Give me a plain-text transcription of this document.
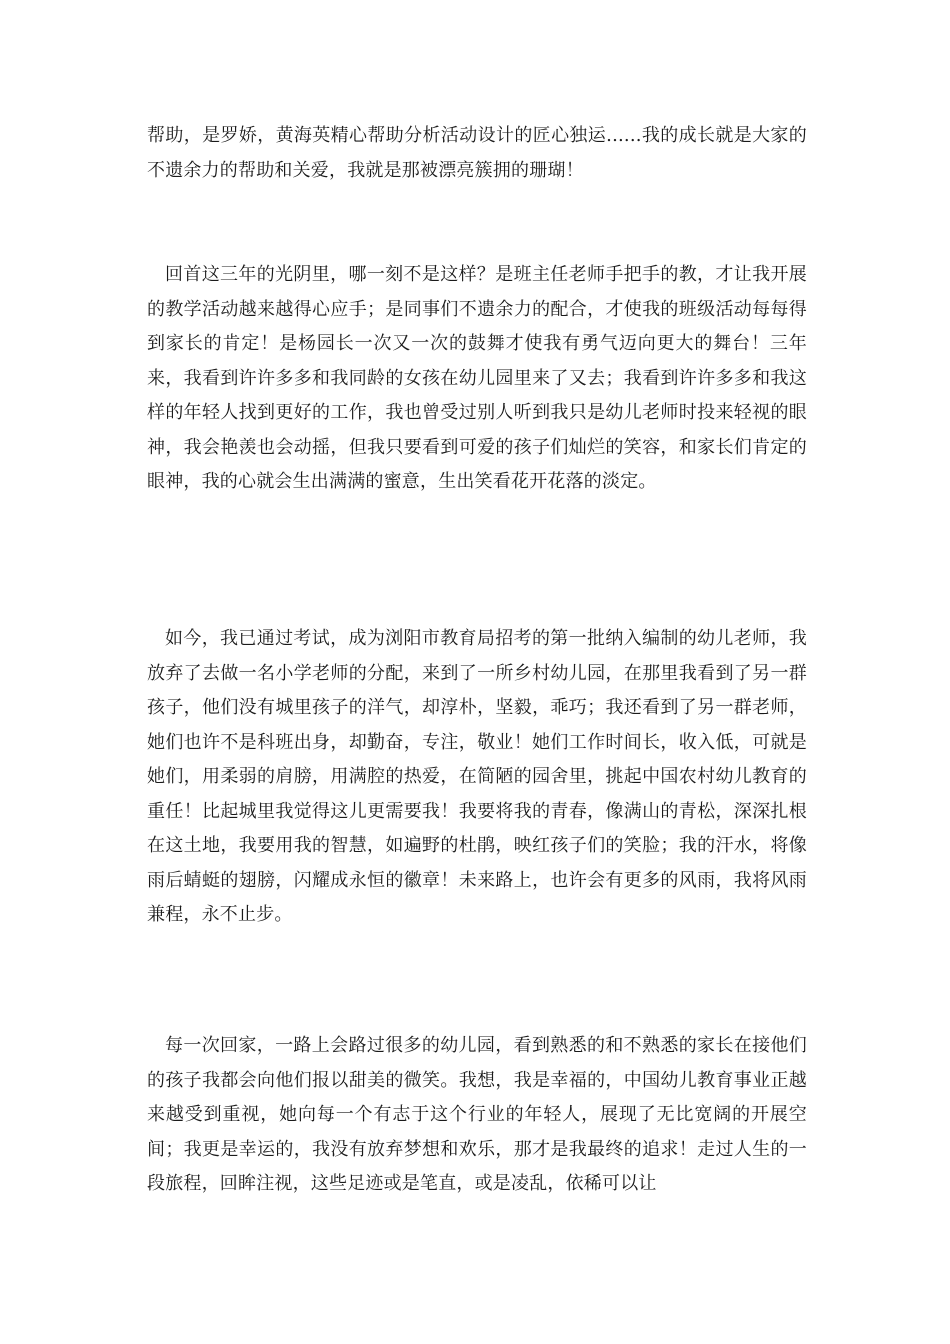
帮助，是罗娇，黄海英精心帮助分析活动设计的匠心独运......我的成长就是大家的不遗余力的帮助和关爱，我就是那被漂亮簇拥的珊瑚！

回首这三年的光阴里，哪一刻不是这样？是班主任老师手把手的教，才让我开展的教学活动越来越得心应手；是同事们不遗余力的配合，才使我的班级活动每每得到家长的肯定！是杨园长一次又一次的鼓舞才使我有勇气迈向更大的舞台！三年来，我看到许许多多和我同龄的女孩在幼儿园里来了又去；我看到许许多多和我这样的年轻人找到更好的工作，我也曾受过别人听到我只是幼儿老师时投来轻视的眼神，我会艳羡也会动摇，但我只要看到可爱的孩子们灿烂的笑容，和家长们肯定的眼神，我的心就会生出满满的蜜意，生出笑看花开花落的淡定。

如今，我已通过考试，成为浏阳市教育局招考的第一批纳入编制的幼儿老师，我放弃了去做一名小学老师的分配，来到了一所乡村幼儿园，在那里我看到了另一群孩子，他们没有城里孩子的洋气，却淳朴，坚毅，乖巧；我还看到了另一群老师，她们也许不是科班出身，却勤奋，专注，敬业！她们工作时间长，收入低，可就是她们，用柔弱的肩膀，用满腔的热爱，在简陋的园舍里，挑起中国农村幼儿教育的重任！比起城里我觉得这儿更需要我！我要将我的青春，像满山的青松，深深扎根在这土地，我要用我的智慧，如遍野的杜鹃，映红孩子们的笑脸；我的汗水，将像雨后蜻蜓的翅膀，闪耀成永恒的徽章！未来路上，也许会有更多的风雨，我将风雨兼程，永不止步。

每一次回家，一路上会路过很多的幼儿园，看到熟悉的和不熟悉的家长在接他们的孩子我都会向他们报以甜美的微笑。我想，我是幸福的，中国幼儿教育事业正越来越受到重视，她向每一个有志于这个行业的年轻人，展现了无比宽阔的开展空间；我更是幸运的，我没有放弃梦想和欢乐，那才是我最终的追求！走过人生的一段旅程，回眸注视，这些足迹或是笔直，或是凌乱，依稀可以让
